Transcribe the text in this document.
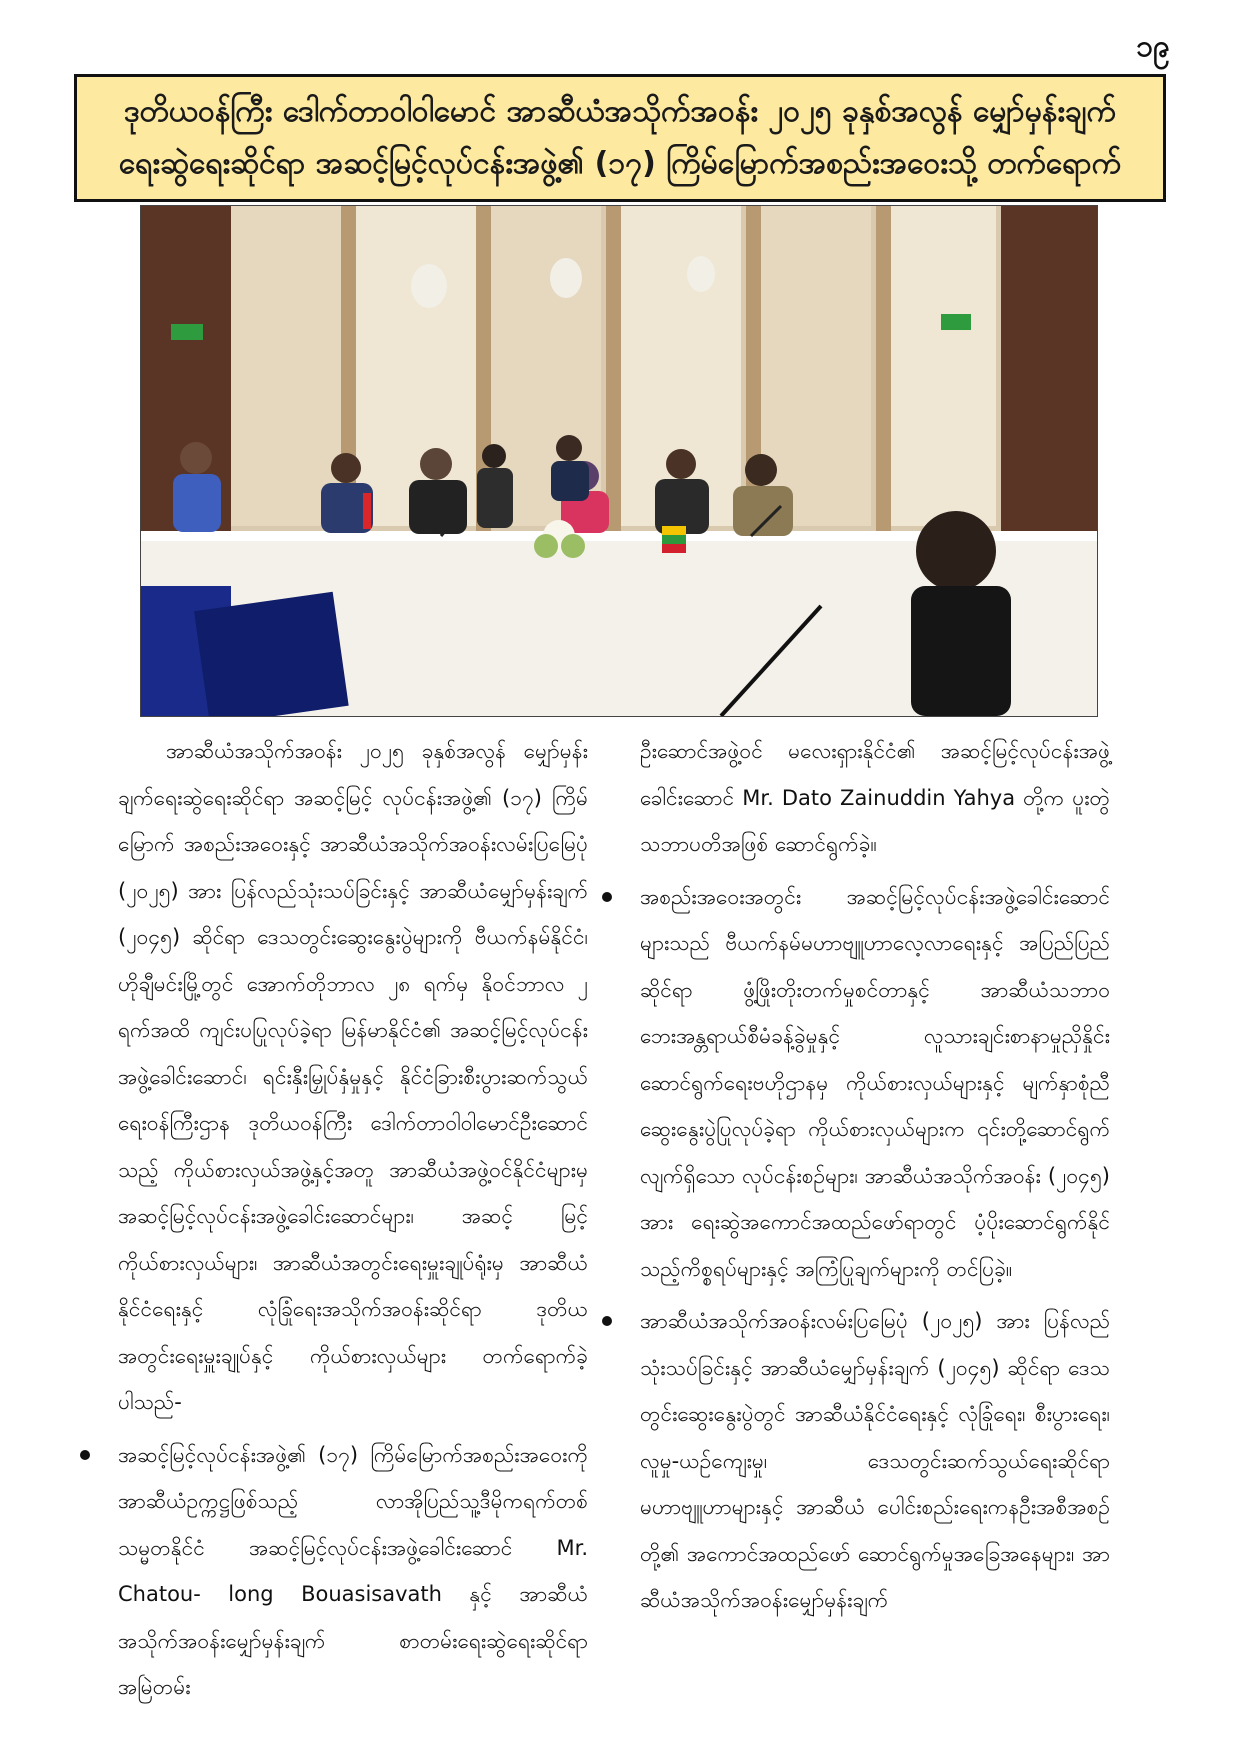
၁၉
ဒုတိယဝန်ကြီး ဒေါက်တာဝါဝါမောင် အာဆီယံအသိုက်အဝန်း ၂၀၂၅ ခုနှစ်အလွန် မျှော်မှန်းချက်
ရေးဆွဲရေးဆိုင်ရာ အဆင့်မြင့်လုပ်ငန်းအဖွဲ့၏ (၁၇) ကြိမ်မြောက်အစည်းအဝေးသို့ တက်ရောက်

အာဆီယံအသိုက်အဝန်း ၂၀၂၅ ခုနှစ်အလွန် မျှော်မှန်းချက်ရေးဆွဲရေးဆိုင်ရာ အဆင့်မြင့် လုပ်ငန်းအဖွဲ့၏ (၁၇) ကြိမ်မြောက် အစည်းအဝေးနှင့် အာဆီယံအသိုက်အဝန်းလမ်းပြမြေပုံ (၂၀၂၅) အား ပြန်လည်သုံးသပ်ခြင်းနှင့် အာဆီယံမျှော်မှန်းချက် (၂၀၄၅) ဆိုင်ရာ ဒေသတွင်းဆွေးနွေးပွဲများကို ဗီယက်နမ်နိုင်ငံ၊ ဟိုချီမင်းမြို့တွင် အောက်တိုဘာလ ၂၈ ရက်မှ နိုဝင်ဘာလ ၂ ရက်အထိ ကျင်းပပြုလုပ်ခဲ့ရာ မြန်မာနိုင်ငံ၏ အဆင့်မြင့်လုပ်ငန်းအဖွဲ့ခေါင်းဆောင်၊ ရင်းနှီးမြှုပ်နှံမှုနှင့် နိုင်ငံခြားစီးပွားဆက်သွယ်ရေးဝန်ကြီးဌာန ဒုတိယဝန်ကြီး ဒေါက်တာဝါဝါမောင်ဦးဆောင်သည့် ကိုယ်စားလှယ်အဖွဲ့နှင့်အတူ အာဆီယံအဖွဲ့ဝင်နိုင်ငံများမှ အဆင့်မြင့်လုပ်ငန်းအဖွဲ့ခေါင်းဆောင်များ၊ အဆင့် မြင့်ကိုယ်စားလှယ်များ၊ အာဆီယံအတွင်းရေးမှူးချုပ်ရုံးမှ အာဆီယံနိုင်ငံရေးနှင့် လုံခြုံရေးအသိုက်အဝန်းဆိုင်ရာ ဒုတိယအတွင်းရေးမှူးချုပ်နှင့် ကိုယ်စားလှယ်များ တက်ရောက်ခဲ့ပါသည်-

အဆင့်မြင့်လုပ်ငန်းအဖွဲ့၏ (၁၇) ကြိမ်မြောက်အစည်းအဝေးကို အာဆီယံဥက္ကဋ္ဌဖြစ်သည့် လာအိုပြည်သူ့ဒီမိုကရက်တစ်သမ္မတနိုင်ငံ အဆင့်မြင့်လုပ်ငန်းအဖွဲ့ခေါင်းဆောင် Mr. Chatou- long Bouasisavath နှင့် အာဆီယံအသိုက်အဝန်းမျှော်မှန်းချက် စာတမ်းရေးဆွဲရေးဆိုင်ရာ အမြဲတမ်း

ဦးဆောင်အဖွဲ့ဝင် မလေးရှားနိုင်ငံ၏ အဆင့်မြင့်လုပ်ငန်းအဖွဲ့ခေါင်းဆောင် Mr. Dato Zainuddin Yahya တို့က ပူးတွဲသဘာပတိအဖြစ် ဆောင်ရွက်ခဲ့။

အစည်းအဝေးအတွင်း အဆင့်မြင့်လုပ်ငန်းအဖွဲ့ခေါင်းဆောင်များသည် ဗီယက်နမ်မဟာဗျူဟာလေ့လာရေးနှင့် အပြည်ပြည်ဆိုင်ရာ ဖွံ့ဖြိုးတိုးတက်မှုစင်တာနှင့် အာဆီယံသဘာဝဘေးအန္တရာယ်စီမံခန့်ခွဲမှုနှင့် လူသားချင်းစာနာမှုညှိနှိုင်းဆောင်ရွက်ရေးဗဟိုဌာနမှ ကိုယ်စားလှယ်များနှင့် မျက်နှာစုံညီဆွေးနွေးပွဲပြုလုပ်ခဲ့ရာ ကိုယ်စားလှယ်များက ၎င်းတို့ဆောင်ရွက်လျက်ရှိသော လုပ်ငန်းစဉ်များ၊ အာဆီယံအသိုက်အဝန်း (၂၀၄၅) အား ရေးဆွဲအကောင်အထည်ဖော်ရာတွင် ပံ့ပိုးဆောင်ရွက်နိုင်သည့်ကိစ္စရပ်များနှင့် အကြံပြုချက်များကို တင်ပြခဲ့။
အာဆီယံအသိုက်အဝန်းလမ်းပြမြေပုံ (၂၀၂၅) အား ပြန်လည်သုံးသပ်ခြင်းနှင့် အာဆီယံမျှော်မှန်းချက် (၂၀၄၅) ဆိုင်ရာ ဒေသတွင်းဆွေးနွေးပွဲတွင် အာဆီယံနိုင်ငံရေးနှင့် လုံခြုံရေး၊ စီးပွားရေး၊ လူမှု-ယဉ်ကျေးမှု၊ ဒေသတွင်းဆက်သွယ်ရေးဆိုင်ရာ မဟာဗျူဟာများနှင့် အာဆီယံ ပေါင်းစည်းရေးကနဦးအစီအစဉ်တို့၏ အကောင်အထည်ဖော် ဆောင်ရွက်မှုအခြေအနေများ၊ အာဆီယံအသိုက်အဝန်းမျှော်မှန်းချက်
